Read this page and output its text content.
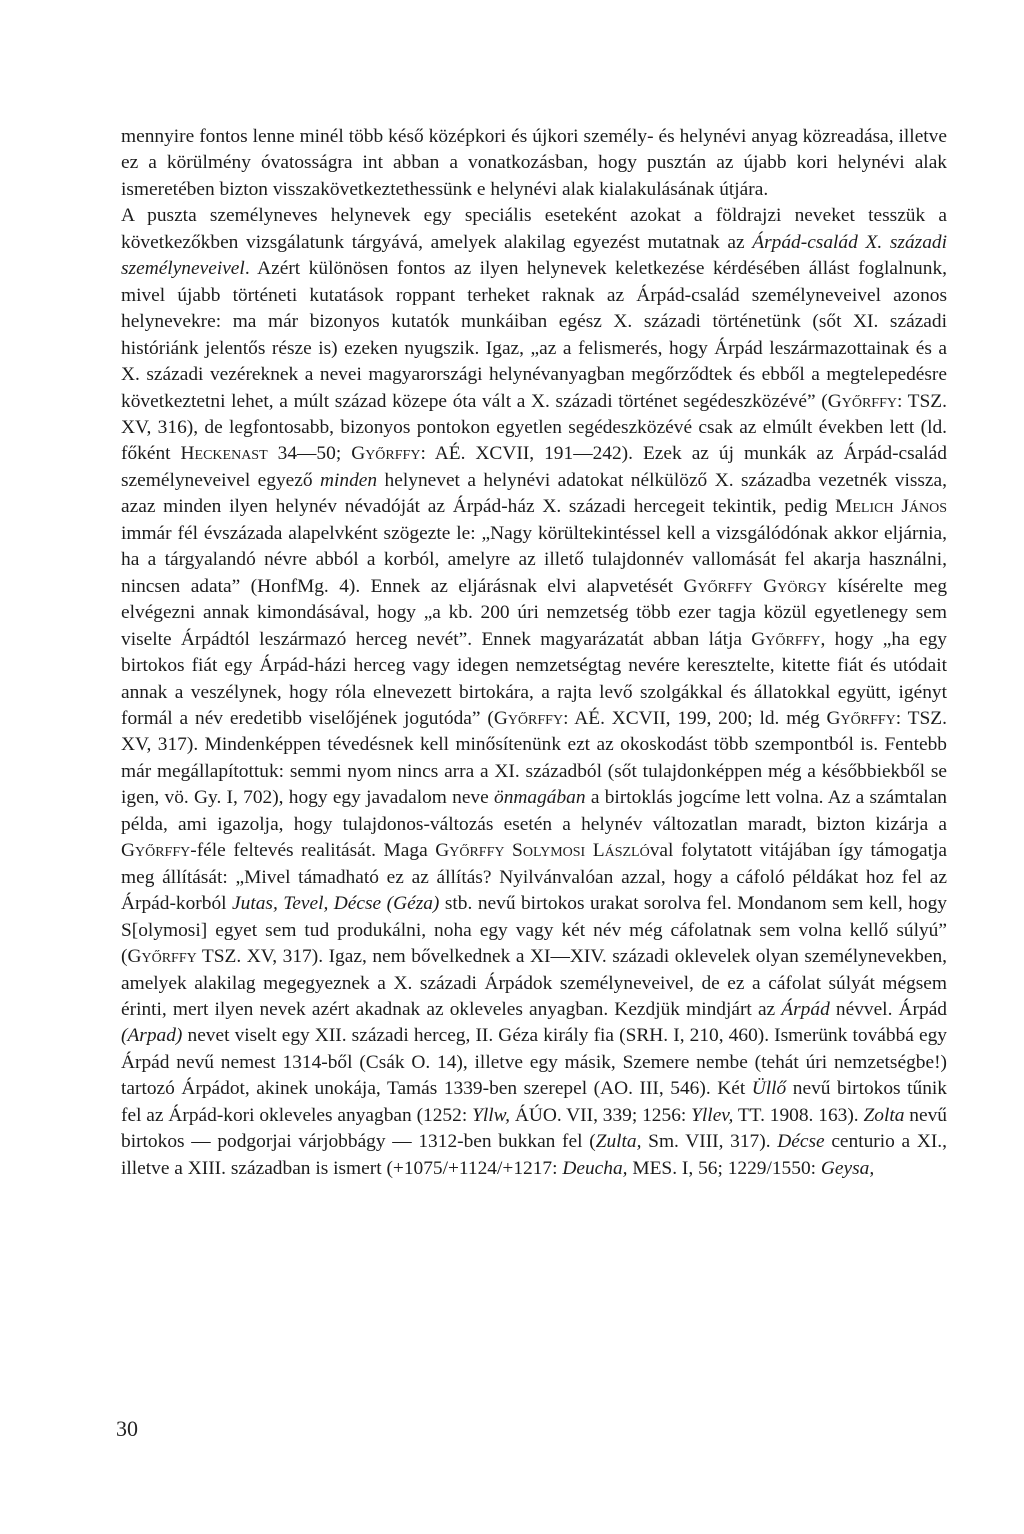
mennyire fontos lenne minél több késő középkori és újkori személy- és helynévi anyag közreadása, illetve ez a körülmény óvatosságra int abban a vonatkozásban, hogy pusztán az újabb kori helynévi alak ismeretében bizton visszakövetkeztethessünk e helynévi alak kialakulásának útjára.

A puszta személyneves helynevek egy speciális eseteként azokat a földrajzi neveket tesszük a következőkben vizsgálatunk tárgyává, amelyek alakilag egyezést mutatnak az Árpád-család X. századi személyneveivel. Azért különösen fontos az ilyen helynevek keletkezése kérdésében állást foglalnunk, mivel újabb történeti kutatások roppant terheket raknak az Árpád-család személyneveivel azonos helynevekre: ma már bizonyos kutatók munkáiban egész X. századi történetünk (sőt XI. századi históriánk jelentős része is) ezeken nyugszik. Igaz, „az a felismerés, hogy Árpád leszármazottainak és a X. századi vezéreknek a nevei magyarországi helynévanyagban megőrződtek és ebből a megtelepedésre következtetni lehet, a múlt század közepe óta vált a X. századi történet segédeszközévé” (Győrffy: TSZ. XV, 316), de legfontosabb, bizonyos pontokon egyetlen segédeszközévé csak az elmúlt években lett (ld. főként Heckenast 34—50; Győrffy: AÉ. XCVII, 191—242). Ezek az új munkák az Árpád-család személyneveivel egyező minden helynevet a helynévi adatokat nélkülöző X. századba vezetnék vissza, azaz minden ilyen helynév névadóját az Árpád-ház X. századi hercegeit tekintik, pedig Melich János immár fél évszázada alapelvként szögezte le: „Nagy körültekintéssel kell a vizsgálódónak akkor eljárnia, ha a tárgyalandó névre abból a korból, amelyre az illető tulajdonnév vallomását fel akarja használni, nincsen adata” (HonfMg. 4). Ennek az eljárásnak elvi alapvetését Győrffy György kísérelte meg elvégezni annak kimondásával, hogy „a kb. 200 úri nemzetség több ezer tagja közül egyetlenegy sem viselte Árpádtól leszármazó herceg nevét”. Ennek magyarázatát abban látja Győrffy, hogy „ha egy birtokos fiát egy Árpád-házi herceg vagy idegen nemzetségtag nevére keresztelte, kitette fiát és utódait annak a veszélynek, hogy róla elnevezett birtokára, a rajta levő szolgákkal és állatokkal együtt, igényt formál a név eredetibb viselőjének jogutóda” (Győrffy: AÉ. XCVII, 199, 200; ld. még Győrffy: TSZ. XV, 317). Mindenképpen tévedésnek kell minősítenünk ezt az okoskodást több szempontból is. Fentebb már megállapítottuk: semmi nyom nincs arra a XI. századból (sőt tulajdonképpen még a későbbiekből se igen, vö. Gy. I, 702), hogy egy javadalom neve önmagában a birtoklás jogcíme lett volna. Az a számtalan példa, ami igazolja, hogy tulajdonos-változás esetén a helynév változatlan maradt, bizton kizárja a Győrffy-féle feltevés realitását. Maga Győrffy Solymosi Lászlóval folytatott vitájában így támogatja meg állítását: „Mivel támadható ez az állítás? Nyilvánvalóan azzal, hogy a cáfoló példákat hoz fel az Árpád-korból Jutas, Tevel, Décse (Géza) stb. nevű birtokos urakat sorolva fel. Mondanom sem kell, hogy S[olymosi] egyet sem tud produkálni, noha egy vagy két név még cáfolatnak sem volna kellő súlyú” (Győrffy TSZ. XV, 317). Igaz, nem bővelkednek a XI—XIV. századi oklevelek olyan személynevekben, amelyek alakilag megegyeznek a X. századi Árpádok személyneveivel, de ez a cáfolat súlyát mégsem érinti, mert ilyen nevek azért akadnak az okleveles anyagban. Kezdjük mindjárt az Árpád névvel. Árpád (Arpad) nevet viselt egy XII. századi herceg, II. Géza király fia (SRH. I, 210, 460). Ismerünk továbbá egy Árpád nevű nemest 1314-ből (Csák O. 14), illetve egy másik, Szemere nembe (tehát úri nemzetségbe!) tartozó Árpádot, akinek unokája, Tamás 1339-ben szerepel (AO. III, 546). Két Üllő nevű birtokos tűnik fel az Árpád-kori okleveles anyagban (1252: Yllw, ÁÚO. VII, 339; 1256: Yllev, TT. 1908. 163). Zolta nevű birtokos — podgorjai várjobbágy — 1312-ben bukkan fel (Zulta, Sm. VIII, 317). Décse centurio a XI., illetve a XIII. században is ismert (+1075/+1124/+1217: Deucha, MES. I, 56; 1229/1550: Geysa,

30
